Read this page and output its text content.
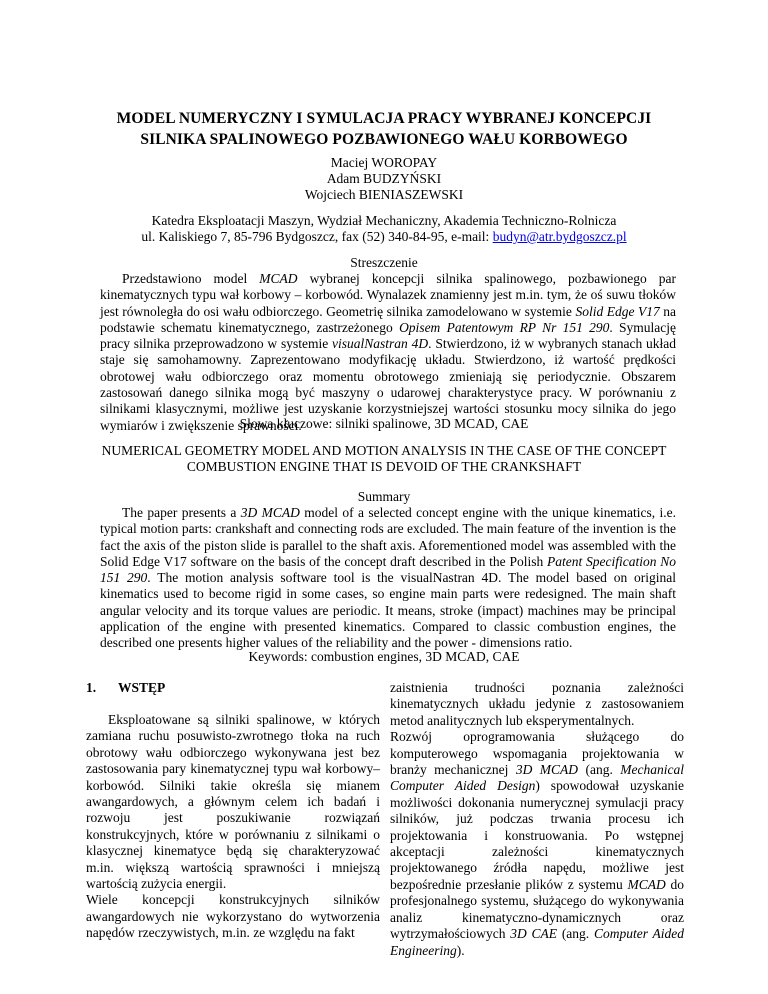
MODEL NUMERYCZNY I SYMULACJA PRACY WYBRANEJ KONCEPCJI
SILNIKA SPALINOWEGO POZBAWIONEGO WAŁU KORBOWEGO
Maciej WOROPAY
Adam BUDZYŃSKI
Wojciech BIENIASZEWSKI
Katedra Eksploatacji Maszyn, Wydział Mechaniczny, Akademia Techniczno-Rolnicza
ul. Kaliskiego 7, 85-796 Bydgoszcz, fax (52) 340-84-95, e-mail: budyn@atr.bydgoszcz.pl
Streszczenie

Przedstawiono model MCAD wybranej koncepcji silnika spalinowego, pozbawionego par kinematycznych typu wał korbowy – korbowód. Wynalazek znamienny jest m.in. tym, że oś suwu tłoków jest równoległa do osi wału odbiorczego. Geometrię silnika zamodelowano w systemie Solid Edge V17 na podstawie schematu kinematycznego, zastrzeżonego Opisem Patentowym RP Nr 151 290. Symulację pracy silnika przeprowadzono w systemie visualNastran 4D. Stwierdzono, iż w wybranych stanach układ staje się samohamowny. Zaprezentowano modyfikację układu. Stwierdzono, iż wartość prędkości obrotowej wału odbiorczego oraz momentu obrotowego zmieniają się periodycznie. Obszarem zastosowań danego silnika mogą być maszyny o udarowej charakterystyce pracy. W porównaniu z silnikami klasycznymi, możliwe jest uzyskanie korzystniejszej wartości stosunku mocy silnika do jego wymiarów i zwiększenie sprawności.

Słowa kluczowe: silniki spalinowe, 3D MCAD, CAE
NUMERICAL GEOMETRY MODEL AND MOTION ANALYSIS IN THE CASE OF THE CONCEPT
COMBUSTION ENGINE THAT IS DEVOID OF THE CRANKSHAFT
Summary

The paper presents a 3D MCAD model of a selected concept engine with the unique kinematics, i.e. typical motion parts: crankshaft and connecting rods are excluded. The main feature of the invention is the fact the axis of the piston slide is parallel to the shaft axis. Aforementioned model was assembled with the Solid Edge V17 software on the basis of the concept draft described in the Polish Patent Specification No 151 290. The motion analysis software tool is the visualNastran 4D. The model based on original kinematics used to become rigid in some cases, so engine main parts were redesigned. The main shaft angular velocity and its torque values are periodic. It means, stroke (impact) machines may be principal application of the engine with presented kinematics. Compared to classic combustion engines, the described one presents higher values of the reliability and the power - dimensions ratio.

Keywords: combustion engines, 3D MCAD, CAE
1. WSTĘP

Eksploatowane są silniki spalinowe, w których zamiana ruchu posuwisto-zwrotnego tłoka na ruch obrotowy wału odbiorczego wykonywana jest bez zastosowania pary kinematycznej typu wał korbowy–korbowód. Silniki takie określa się mianem awangardowych, a głównym celem ich badań i rozwoju jest poszukiwanie rozwiązań konstrukcyjnych, które w porównaniu z silnikami o klasycznej kinematyce będą się charakteryzować m.in. większą wartością sprawności i mniejszą wartością zużycia energii.

Wiele koncepcji konstrukcyjnych silników awangardowych nie wykorzystano do wytworzenia napędów rzeczywistych, m.in. ze względu na fakt

zaistnienia trudności poznania zależności kinematycznych układu jedynie z zastosowaniem metod analitycznych lub eksperymentalnych.

Rozwój oprogramowania służącego do komputerowego wspomagania projektowania w branży mechanicznej 3D MCAD (ang. Mechanical Computer Aided Design) spowodował uzyskanie możliwości dokonania numerycznej symulacji pracy silników, już podczas trwania procesu ich projektowania i konstruowania. Po wstępnej akceptacji zależności kinematycznych projektowanego źródła napędu, możliwe jest bezpośrednie przesłanie plików z systemu MCAD do profesjonalnego systemu, służącego do wykonywania analiz kinematyczno-dynamicznych oraz wytrzymałościowych 3D CAE (ang. Computer Aided Engineering).
